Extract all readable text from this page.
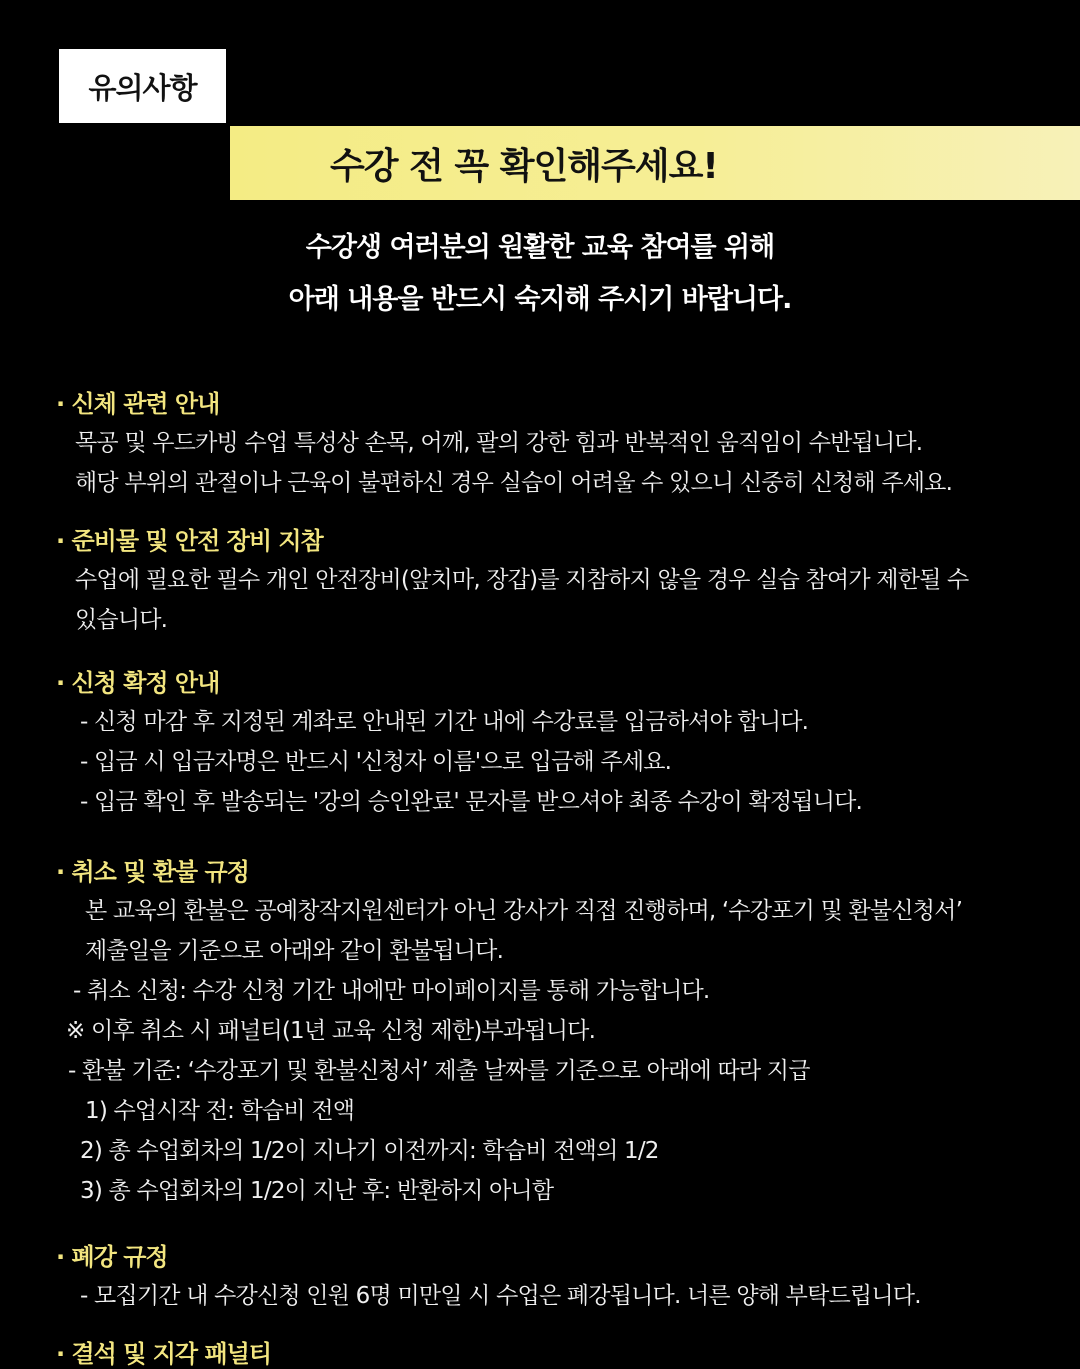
유의사항
수강 전 꼭 확인해주세요!
수강생 여러분의 원활한 교육 참여를 위해
아래 내용을 반드시 숙지해 주시기 바랍니다.
· 신체 관련 안내
목공 및 우드카빙 수업 특성상 손목, 어깨, 팔의 강한 힘과 반복적인 움직임이 수반됩니다.
해당 부위의 관절이나 근육이 불편하신 경우 실습이 어려울 수 있으니 신중히 신청해 주세요.
· 준비물 및 안전 장비 지참
수업에 필요한 필수 개인 안전장비(앞치마, 장갑)를 지참하지 않을 경우 실습 참여가 제한될 수
있습니다.
· 신청 확정 안내
- 신청 마감 후 지정된 계좌로 안내된 기간 내에 수강료를 입금하셔야 합니다.
- 입금 시 입금자명은 반드시 '신청자 이름'으로 입금해 주세요.
- 입금 확인 후 발송되는 '강의 승인완료' 문자를 받으셔야 최종 수강이 확정됩니다.
· 취소 및 환불 규정
본 교육의 환불은 공예창작지원센터가 아닌 강사가 직접 진행하며, ‘수강포기 및 환불신청서’
제출일을 기준으로 아래와 같이 환불됩니다.
- 취소 신청: 수강 신청 기간 내에만 마이페이지를 통해 가능합니다.
※ 이후 취소 시 패널티(1년 교육 신청 제한)부과됩니다.
- 환불 기준: ‘수강포기 및 환불신청서’ 제출 날짜를 기준으로 아래에 따라 지급
1) 수업시작 전: 학습비 전액
2) 총 수업회차의 1/2이 지나기 이전까지: 학습비 전액의 1/2
3) 총 수업회차의 1/2이 지난 후: 반환하지 아니함
· 폐강 규정
- 모집기간 내 수강신청 인원 6명 미만일 시 수업은 폐강됩니다. 너른 양해 부탁드립니다.
· 결석 및 지각 패널티
